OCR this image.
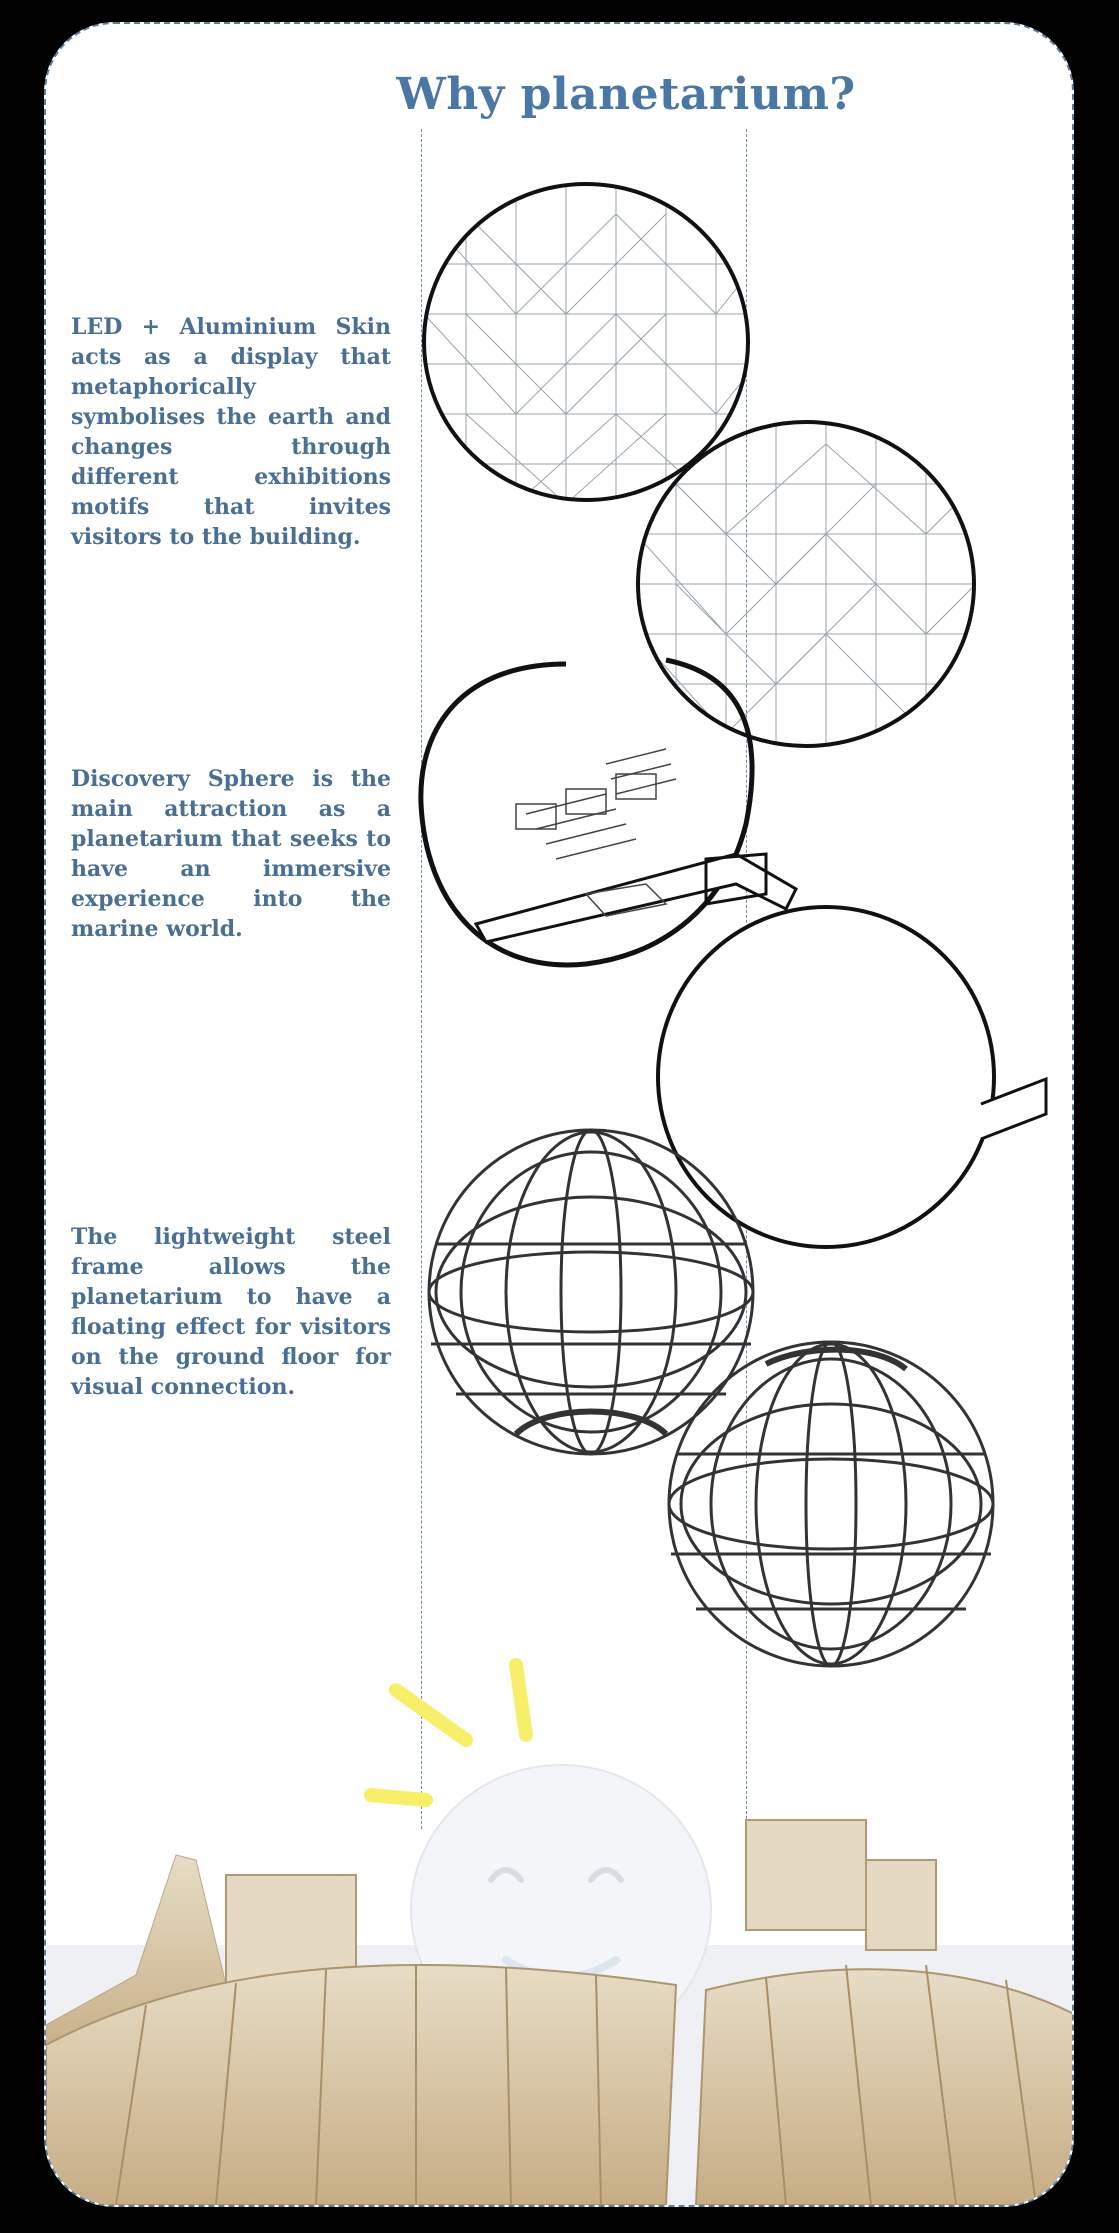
Why planetarium?

LED + Aluminium Skin acts as a display that metaphorically symbolises the earth and changes through different exhibitions motifs that invites visitors to the building.

Discovery Sphere is the main attraction as a planetarium that seeks to have an immersive experience into the marine world.

The lightweight steel frame allows the planetarium to have a floating effect for visitors on the ground floor for visual connection.
